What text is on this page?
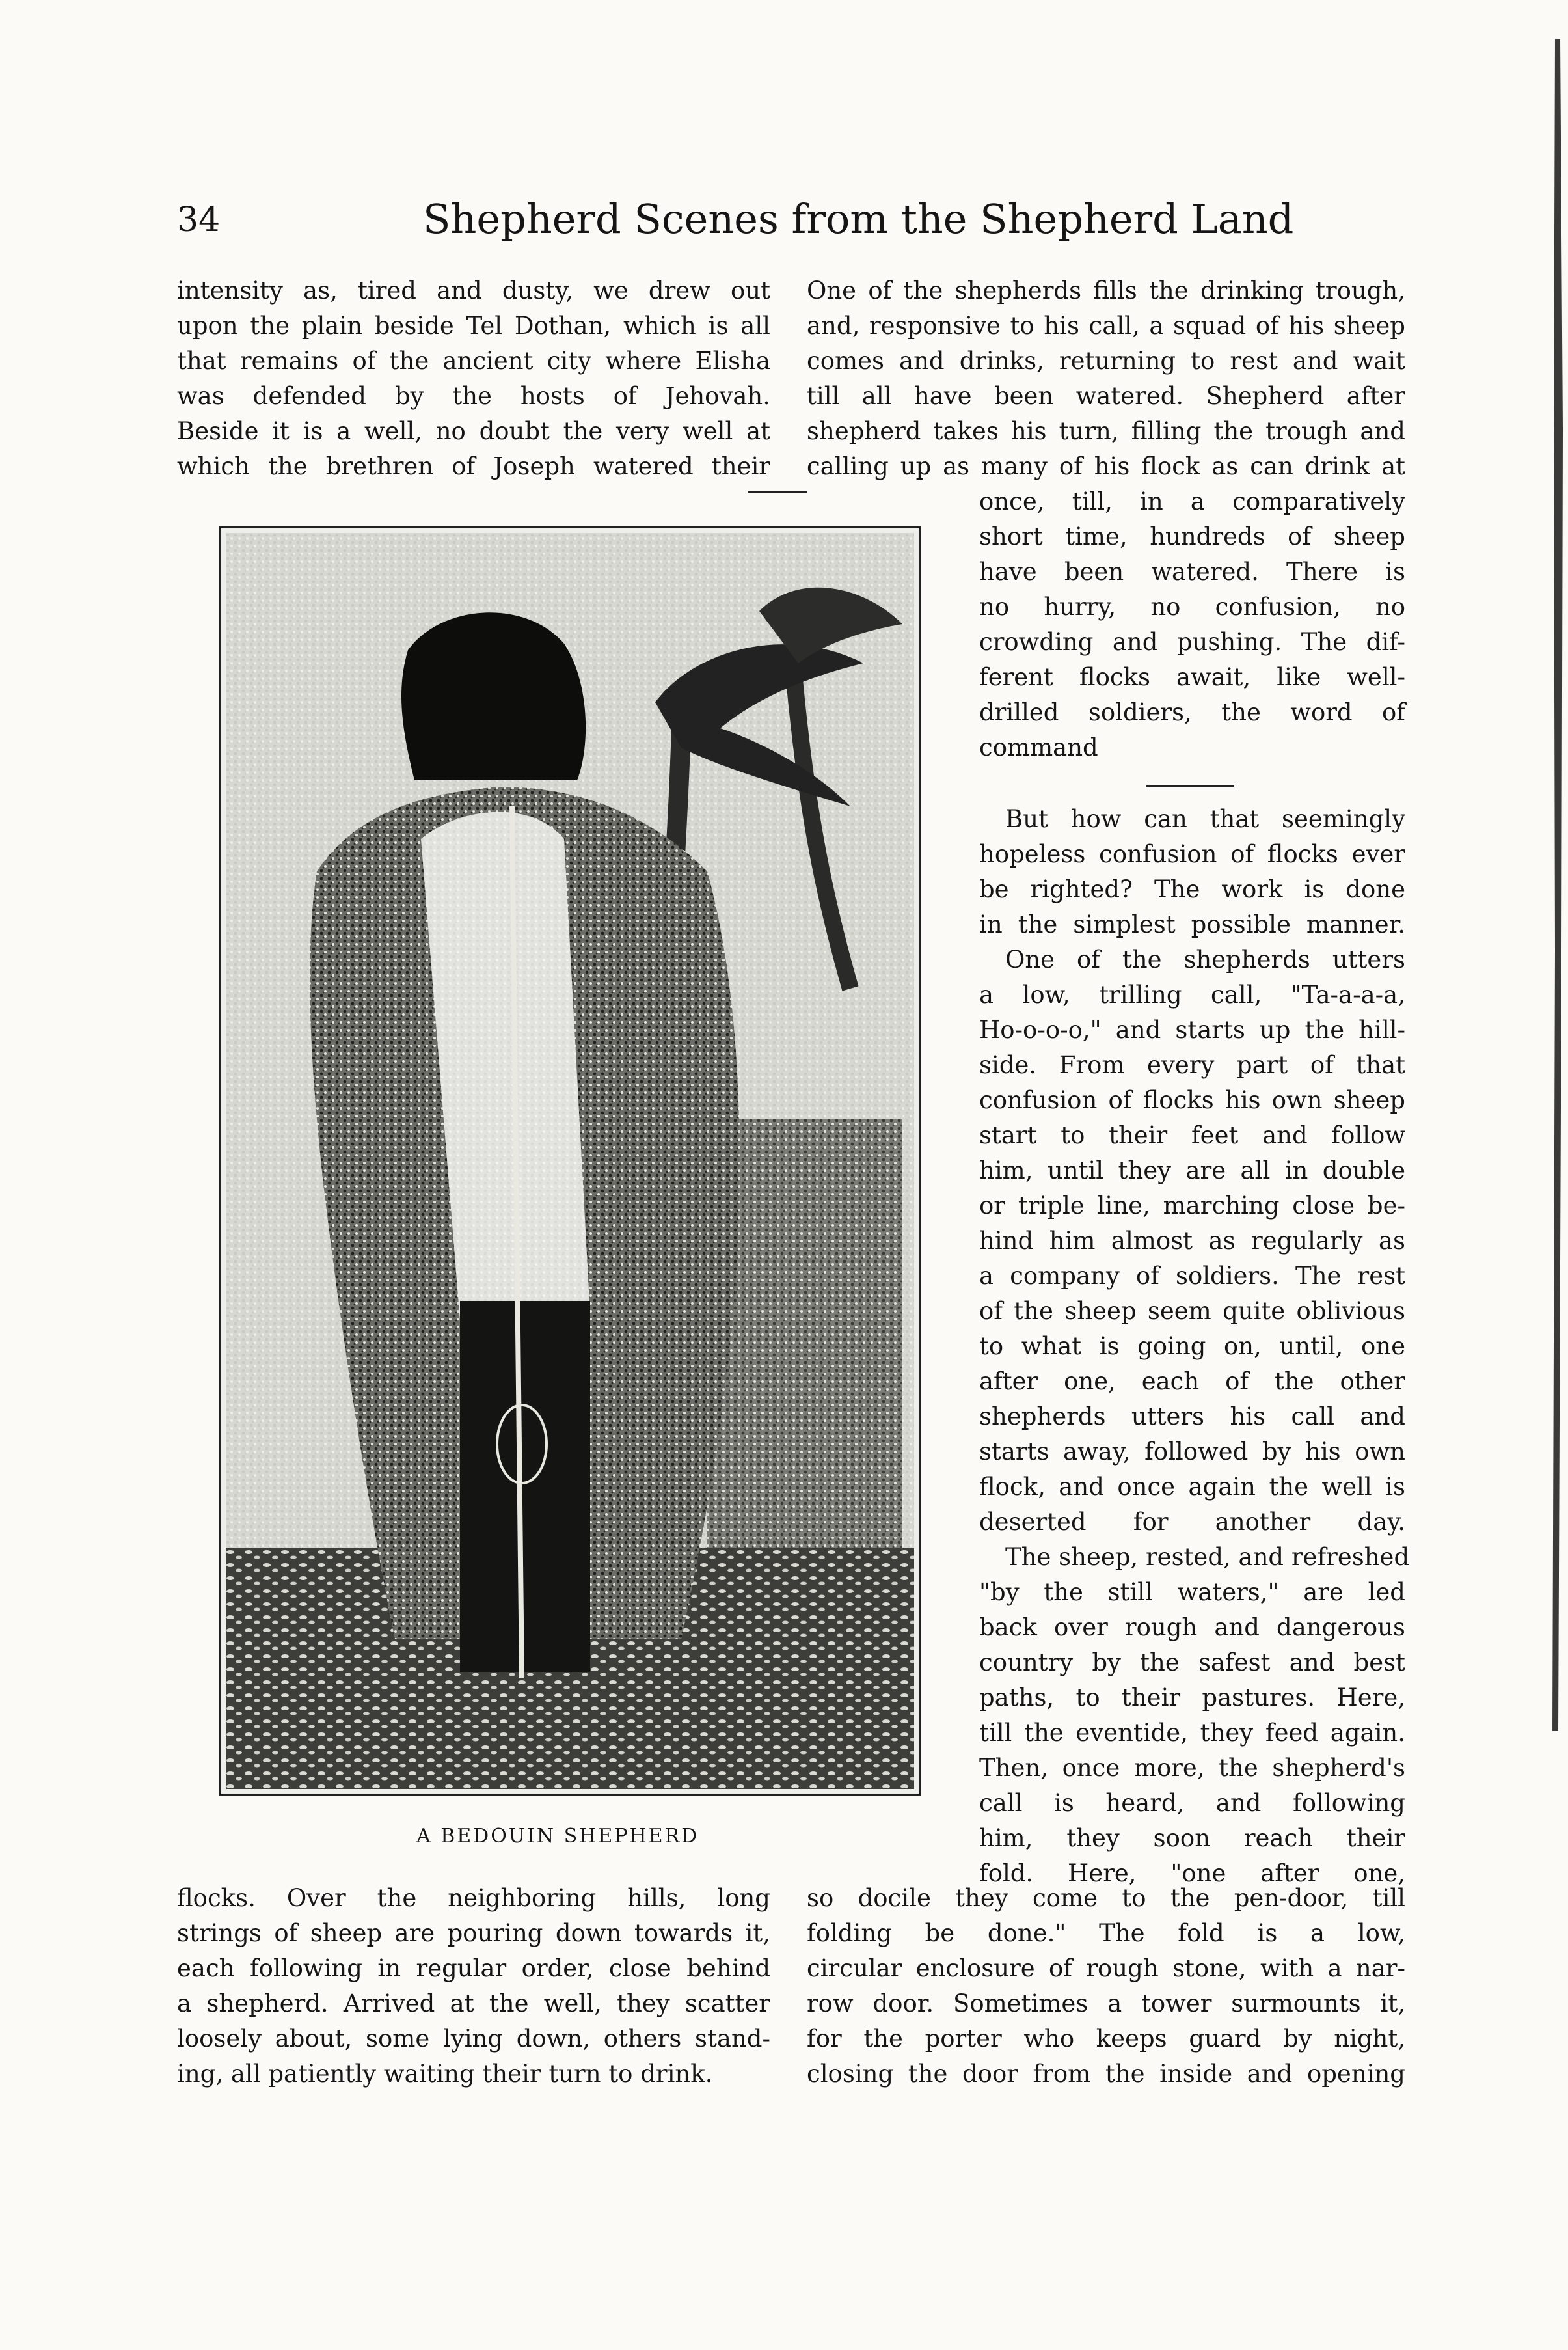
34	Shepherd Scenes from the Shepherd Land
intensity as, tired and dusty, we drew out
upon the plain beside Tel Dothan, which is all
that remains of the ancient city where Elisha
was defended by the hosts of Jehovah.
Beside it is a well, no doubt the very well at
which the brethren of Joseph watered their
One of the shepherds fills the drinking trough,
and, responsive to his call, a squad of his sheep
comes and drinks, returning to rest and wait
till all have been watered. Shepherd after
shepherd takes his turn, filling the trough and
calling up as many of his flock as can drink at
once, till, in a comparatively
short time, hundreds of sheep
have been watered. There is
no hurry, no confusion, no
crowding and pushing. The dif-
ferent flocks await, like well-
drilled soldiers, the word of
command
But how can that seemingly
hopeless confusion of flocks ever
be righted? The work is done
in the simplest possible manner.
One of the shepherds utters
a low, trilling call, "Ta-a-a-a,
Ho-o-o-o," and starts up the hill-
side. From every part of that
confusion of flocks his own sheep
start to their feet and follow
him, until they are all in double
or triple line, marching close be-
hind him almost as regularly as
a company of soldiers. The rest
of the sheep seem quite oblivious
to what is going on, until, one
after one, each of the other
shepherds utters his call and
starts away, followed by his own
flock, and once again the well is
deserted for another day.
The sheep, rested, and refreshed
"by the still waters," are led
back over rough and dangerous
country by the safest and best
paths, to their pastures. Here,
till the eventide, they feed again.
Then, once more, the shepherd's
call is heard, and following
him, they soon reach their
fold. Here, "one after one,
flocks. Over the neighboring hills, long
strings of sheep are pouring down towards it,
each following in regular order, close behind
a shepherd. Arrived at the well, they scatter
loosely about, some lying down, others stand-
ing, all patiently waiting their turn to drink.
so docile they come to the pen-door, till
folding be done." The fold is a low,
circular enclosure of rough stone, with a nar-
row door. Sometimes a tower surmounts it,
for the porter who keeps guard by night,
closing the door from the inside and opening
A BEDOUIN SHEPHERD
